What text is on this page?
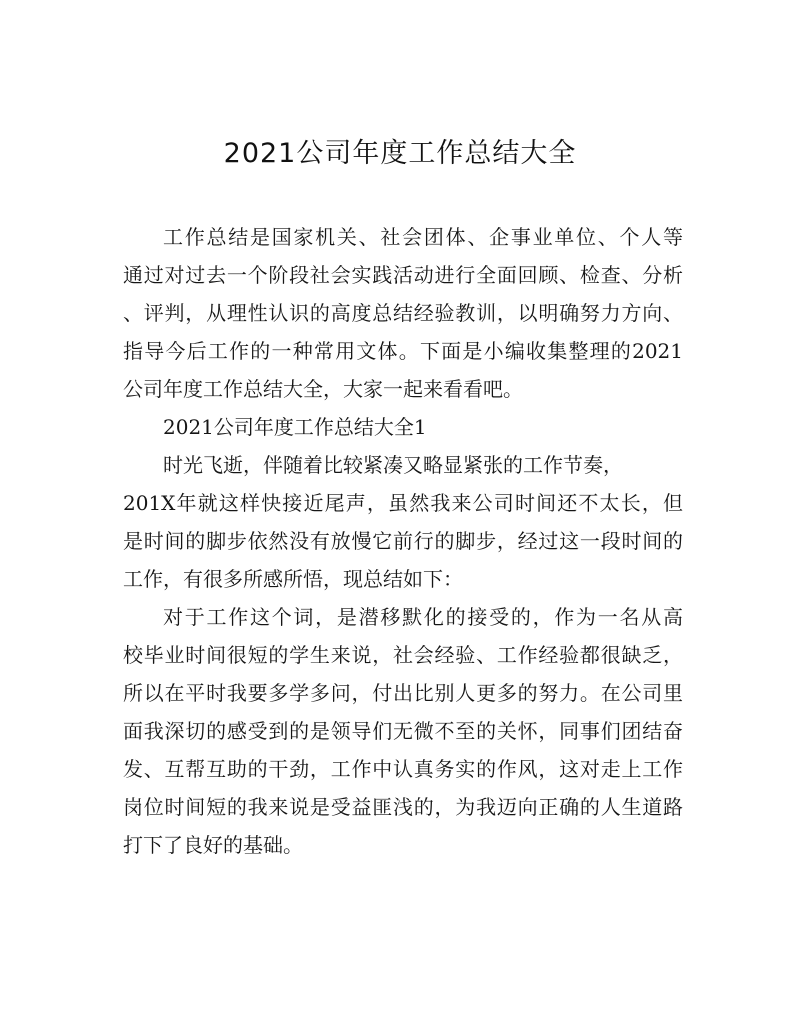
2021公司年度工作总结大全
工作总结是国家机关、社会团体、企事业单位、个人等
通过对过去一个阶段社会实践活动进行全面回顾、检查、分析
、评判，从理性认识的高度总结经验教训，以明确努力方向、
指导今后工作的一种常用文体。下面是小编收集整理的2021
公司年度工作总结大全，大家一起来看看吧。
2021公司年度工作总结大全1
时光飞逝，伴随着比较紧凑又略显紧张的工作节奏，
201X年就这样快接近尾声，虽然我来公司时间还不太长，但
是时间的脚步依然没有放慢它前行的脚步，经过这一段时间的
工作，有很多所感所悟，现总结如下：
对于工作这个词，是潜移默化的接受的，作为一名从高
校毕业时间很短的学生来说，社会经验、工作经验都很缺乏，
所以在平时我要多学多问，付出比别人更多的努力。在公司里
面我深切的感受到的是领导们无微不至的关怀，同事们团结奋
发、互帮互助的干劲，工作中认真务实的作风，这对走上工作
岗位时间短的我来说是受益匪浅的，为我迈向正确的人生道路
打下了良好的基础。
